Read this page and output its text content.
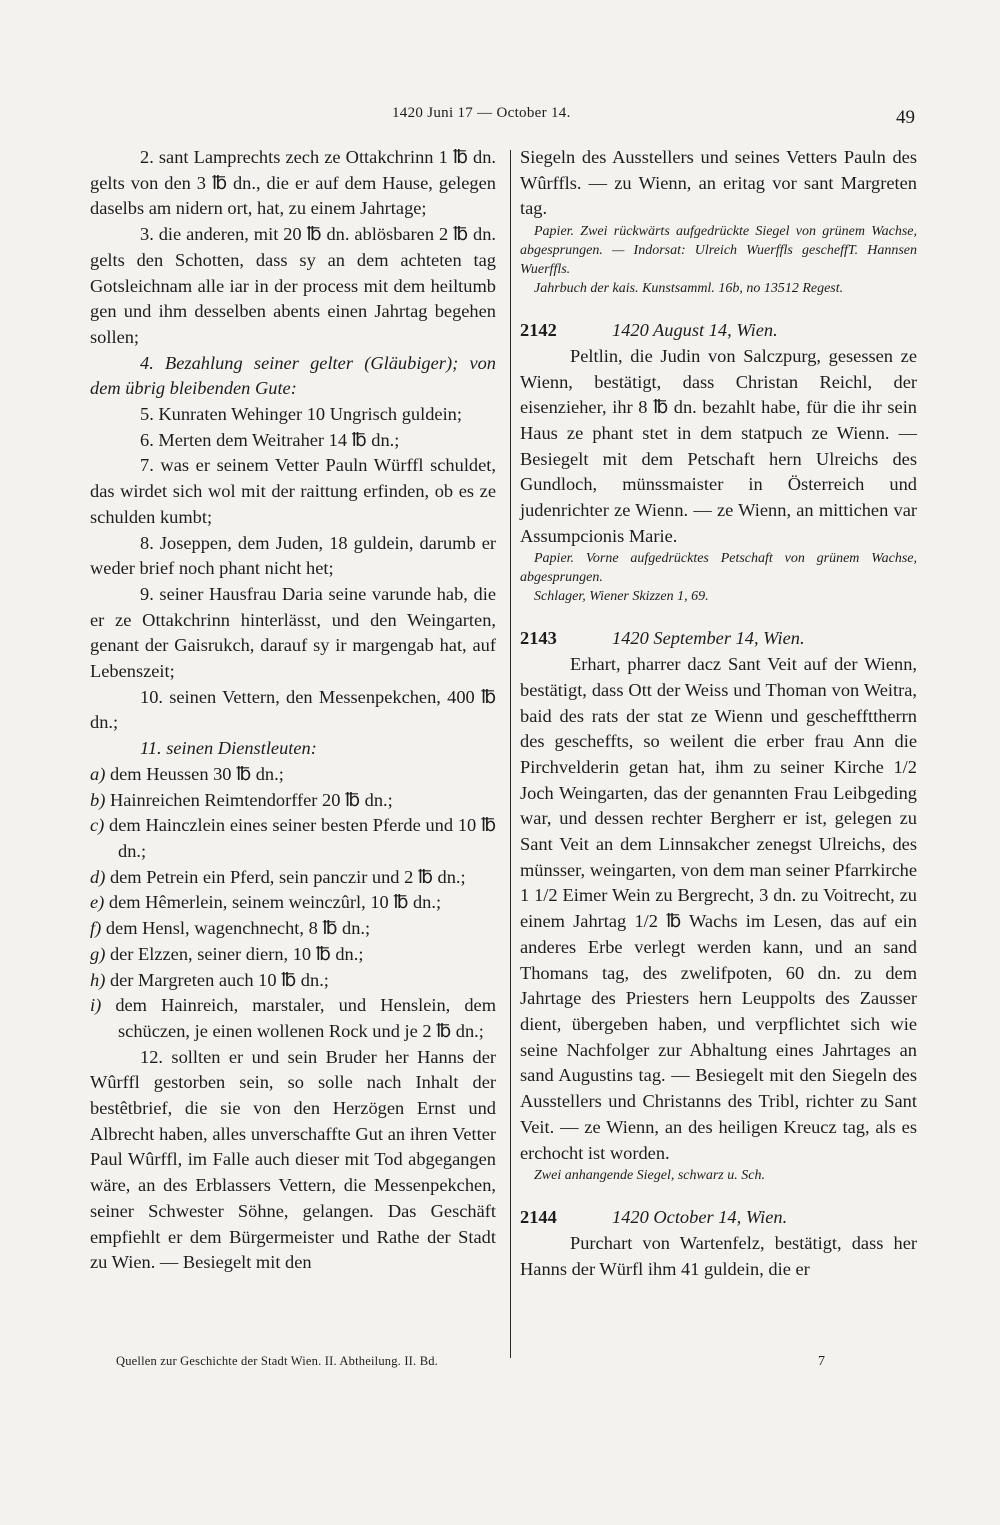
1420 Juni 17 — October 14.	49

2. sant Lamprechts zech ze Ottakchrinn 1 ℔ dn. gelts von den 3 ℔ dn., die er auf dem Hause, gelegen daselbs am nidern ort, hat, zu einem Jahrtage;

3. die anderen, mit 20 ℔ dn. ablösbaren 2 ℔ dn. gelts den Schotten, dass sy an dem achteten tag Gotsleichnam alle iar in der process mit dem heiltumb gen und ihm desselben abents einen Jahrtag begehen sollen;

4. Bezahlung seiner gelter (Gläubiger); von dem übrig bleibenden Gute:

5. Kunraten Wehinger 10 Ungrisch guldein;

6. Merten dem Weitraher 14 ℔ dn.;

7. was er seinem Vetter Pauln Würffl schuldet, das wirdet sich wol mit der raittung erfinden, ob es ze schulden kumbt;

8. Joseppen, dem Juden, 18 guldein, darumb er weder brief noch phant nicht het;

9. seiner Hausfrau Daria seine varunde hab, die er ze Ottakchrinn hinterlässt, und den Weingarten, genant der Gaisrukch, darauf sy ir margengab hat, auf Lebenszeit;

10. seinen Vettern, den Messenpekchen, 400 ℔ dn.;

11. seinen Dienstleuten:

a) dem Heussen 30 ℔ dn.;
b) Hainreichen Reimtendorffer 20 ℔ dn.;
c) dem Hainczlein eines seiner besten Pferde und 10 ℔ dn.;
d) dem Petrein ein Pferd, sein panczir und 2 ℔ dn.;
e) dem Hêmerlein, seinem weinczûrl, 10 ℔ dn.;
f) dem Hensl, wagenchnecht, 8 ℔ dn.;
g) der Elzzen, seiner diern, 10 ℔ dn.;
h) der Margreten auch 10 ℔ dn.;
i) dem Hainreich, marstaler, und Henslein, dem schüczen, je einen wollenen Rock und je 2 ℔ dn.;

12. sollten er und sein Bruder her Hanns der Wûrffl gestorben sein, so solle nach Inhalt der bestêtbrief, die sie von den Herzögen Ernst und Albrecht haben, alles unverschaffte Gut an ihren Vetter Paul Wûrffl, im Falle auch dieser mit Tod abgegangen wäre, an des Erblassers Vettern, die Messenpekchen, seiner Schwester Söhne, gelangen. Das Geschäft empfiehlt er dem Bürgermeister und Rathe der Stadt zu Wien. — Besiegelt mit den

Siegeln des Ausstellers und seines Vetters Pauln des Wûrffls. — zu Wienn, an eritag vor sant Margreten tag.

Papier. Zwei rückwärts aufgedrückte Siegel von grünem Wachse, abgesprungen. — Indorsat: Ulreich Wuerffls gescheffT. Hannsen Wuerffls.

Jahrbuch der kais. Kunstsamml. 16b, no 13512 Regest.

2142	1420 August 14, Wien.

Peltlin, die Judin von Salczpurg, gesessen ze Wienn, bestätigt, dass Christan Reichl, der eisenzieher, ihr 8 ℔ dn. bezahlt habe, für die ihr sein Haus ze phant stet in dem statpuch ze Wienn. — Besiegelt mit dem Petschaft hern Ulreichs des Gundloch, münssmaister in Österreich und judenrichter ze Wienn. — ze Wienn, an mittichen var Assumpcionis Marie.

Papier. Vorne aufgedrücktes Petschaft von grünem Wachse, abgesprungen.

Schlager, Wiener Skizzen 1, 69.

2143	1420 September 14, Wien.

Erhart, pharrer dacz Sant Veit auf der Wienn, bestätigt, dass Ott der Weiss und Thoman von Weitra, baid des rats der stat ze Wienn und gescheffttherrn des gescheffts, so weilent die erber frau Ann die Pirchvelderin getan hat, ihm zu seiner Kirche 1/2 Joch Weingarten, das der genannten Frau Leibgeding war, und dessen rechter Bergherr er ist, gelegen zu Sant Veit an dem Linnsakcher zenegst Ulreichs, des münsser, weingarten, von dem man seiner Pfarrkirche 1 1/2 Eimer Wein zu Bergrecht, 3 dn. zu Voitrecht, zu einem Jahrtag 1/2 ℔ Wachs im Lesen, das auf ein anderes Erbe verlegt werden kann, und an sand Thomans tag, des zwelifpoten, 60 dn. zu dem Jahrtage des Priesters hern Leuppolts des Zausser dient, übergeben haben, und verpflichtet sich wie seine Nachfolger zur Abhaltung eines Jahrtages an sand Augustins tag. — Besiegelt mit den Siegeln des Ausstellers und Christanns des Tribl, richter zu Sant Veit. — ze Wienn, an des heiligen Kreucz tag, als es erchocht ist worden.

Zwei anhangende Siegel, schwarz u. Sch.

2144	1420 October 14, Wien.

Purchart von Wartenfelz, bestätigt, dass her Hanns der Würfl ihm 41 guldein, die er

Quellen zur Geschichte der Stadt Wien. II. Abtheilung. II. Bd.	7
